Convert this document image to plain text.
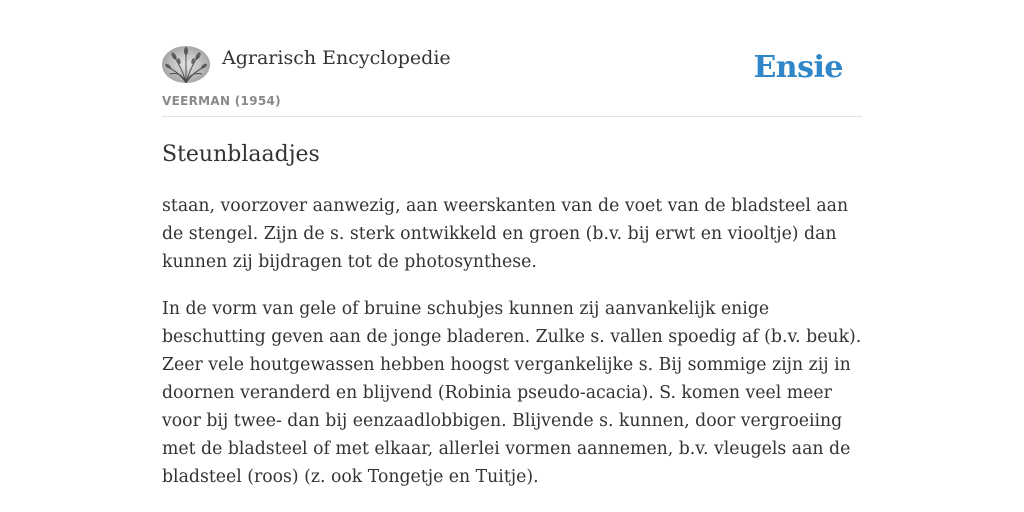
Agrarisch Encyclopedie
VEERMAN (1954)
Ensie
Steunblaadjes

staan, voorzover aanwezig, aan weerskanten van de voet van de bladsteel aan de stengel. Zijn de s. sterk ontwikkeld en groen (b.v. bij erwt en viooltje) dan kunnen zij bijdragen tot de photosynthese.

In de vorm van gele of bruine schubjes kunnen zij aanvankelijk enige beschutting geven aan de jonge bladeren. Zulke s. vallen spoedig af (b.v. beuk). Zeer vele houtgewassen hebben hoogst vergankelijke s. Bij sommige zijn zij in doornen veranderd en blijvend (Robinia pseudo-acacia). S. komen veel meer voor bij twee- dan bij eenzaadlobbigen. Blijvende s. kunnen, door vergroeiing met de bladsteel of met elkaar, allerlei vormen aannemen, b.v. vleugels aan de bladsteel (roos) (z. ook Tongetje en Tuitje).
